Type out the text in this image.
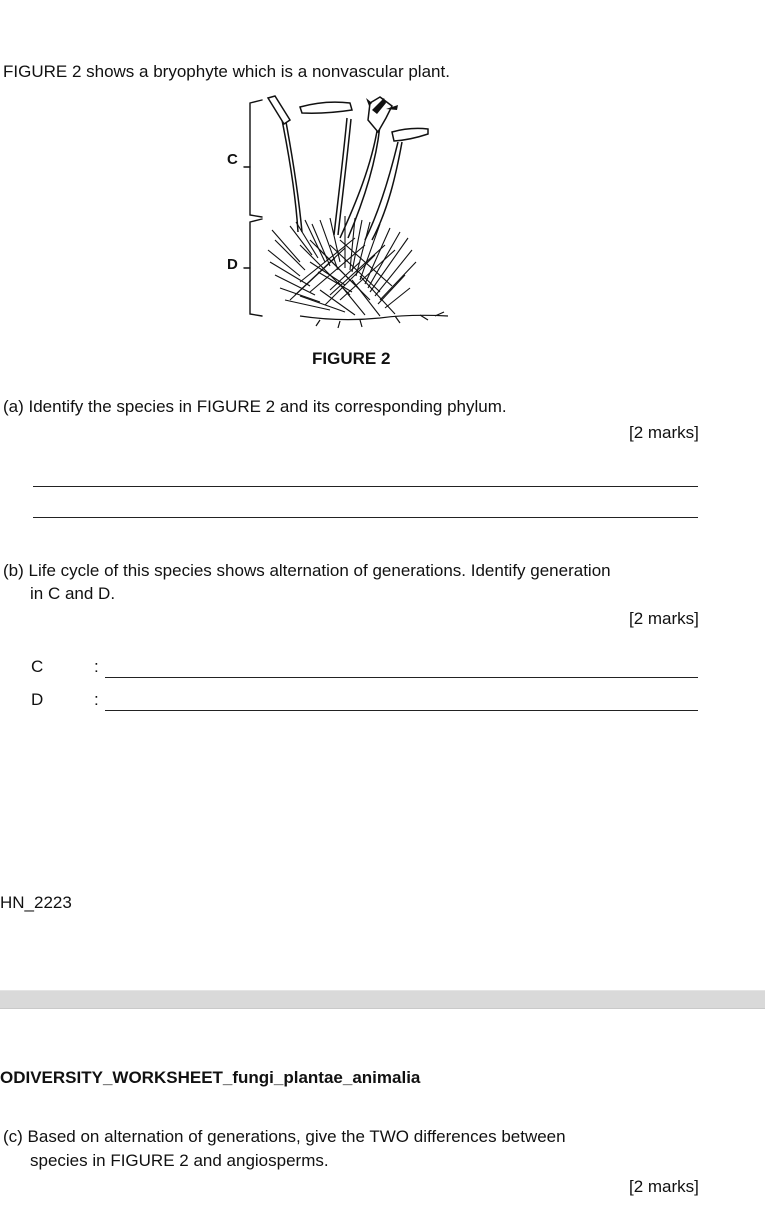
FIGURE 2 shows a bryophyte which is a nonvascular plant.
C
D
FIGURE 2
(a) Identify the species in FIGURE 2 and its corresponding phylum.
[2 marks]
(b) Life cycle of this species shows alternation of generations. Identify generation
in C and D.
[2 marks]
C	:
D	:
HN_2223
ODIVERSITY_WORKSHEET_fungi_plantae_animalia
(c) Based on alternation of generations, give the TWO differences between
species in FIGURE 2 and angiosperms.
[2 marks]
